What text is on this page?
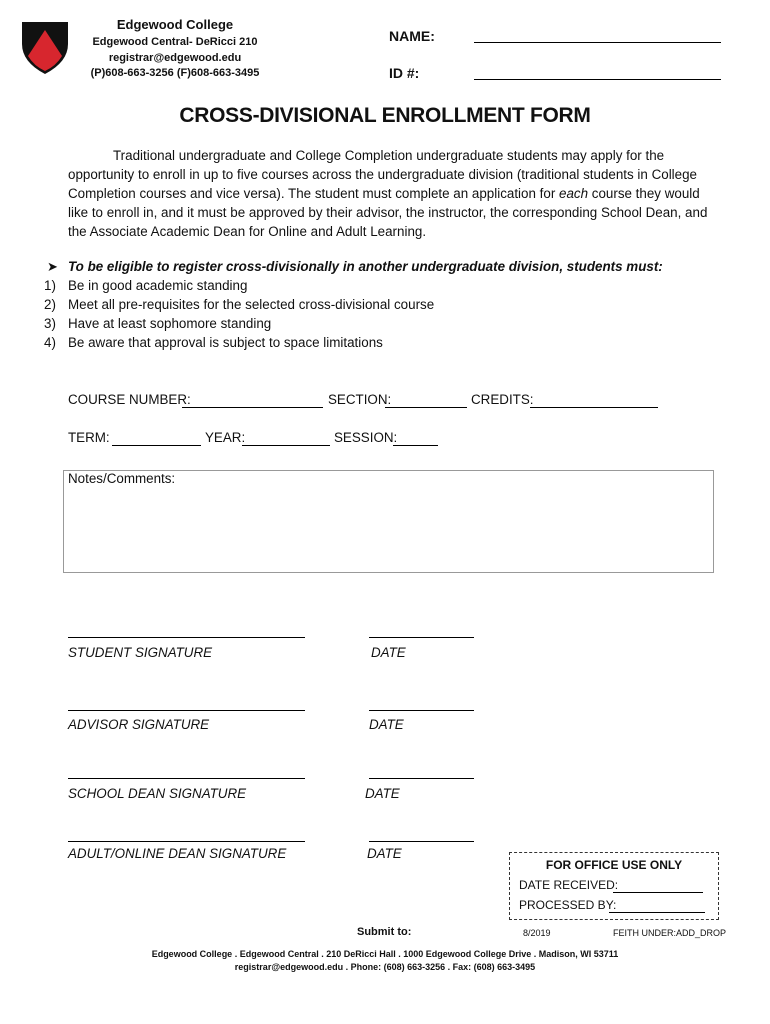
Edgewood College
Edgewood Central- DeRicci 210
registrar@edgewood.edu
(P)608-663-3256 (F)608-663-3495
NAME:
ID #:
CROSS-DIVISIONAL ENROLLMENT FORM
Traditional undergraduate and College Completion undergraduate students may apply for the opportunity to enroll in up to five courses across the undergraduate division (traditional students in College Completion courses and vice versa). The student must complete an application for each course they would like to enroll in, and it must be approved by their advisor, the instructor, the corresponding School Dean, and the Associate Academic Dean for Online and Adult Learning.
➤ To be eligible to register cross-divisionally in another undergraduate division, students must:
1) Be in good academic standing
2) Meet all pre-requisites for the selected cross-divisional course
3) Have at least sophomore standing
4) Be aware that approval is subject to space limitations
COURSE NUMBER:	SECTION:	CREDITS:
TERM:	YEAR:	SESSION:
Notes/Comments:
STUDENT SIGNATURE	DATE
ADVISOR SIGNATURE	DATE
SCHOOL DEAN SIGNATURE	DATE
ADULT/ONLINE DEAN SIGNATURE	DATE
FOR OFFICE USE ONLY
DATE RECEIVED:
PROCESSED BY:
Submit to:	8/2019	FEITH UNDER:ADD_DROP
Edgewood College . Edgewood Central . 210 DeRicci Hall . 1000 Edgewood College Drive . Madison, WI 53711
registrar@edgewood.edu . Phone: (608) 663-3256 . Fax: (608) 663-3495
